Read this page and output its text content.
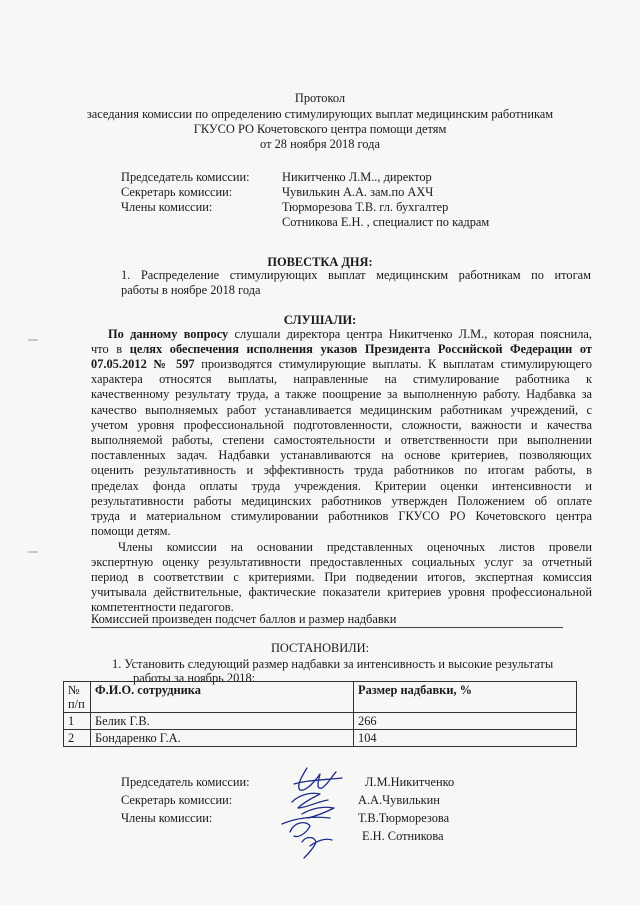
Протокол
заседания комиссии по определению стимулирующих выплат медицинским работникам
ГКУСО РО Кочетовского центра помощи детям
от 28 ноября 2018 года
Председатель комиссии:	Никитченко Л.М.., директор
Секретарь комиссии:	Чувилькин А.А. зам.по АХЧ
Члены комиссии:	Тюрморезова Т.В. гл. бухгалтер
Сотникова Е.Н. , специалист по кадрам
ПОВЕСТКА ДНЯ:
1. Распределение стимулирующих выплат медицинским работникам по итогам
работы в ноябре 2018 года
СЛУШАЛИ:
По данному вопросу слушали директора центра Никитченко Л.М., которая пояснила,
что в целях обеспечения исполнения указов Президента Российской Федерации от
07.05.2012 № 597 производятся стимулирующие выплаты. К выплатам стимулирующего
характера относятся выплаты, направленные на стимулирование работника к
качественному результату труда, а также поощрение за выполненную работу. Надбавка за
качество выполняемых работ устанавливается медицинским работникам учреждений, с
учетом уровня профессиональной подготовленности, сложности, важности и качества
выполняемой работы, степени самостоятельности и ответственности при выполнении
поставленных задач. Надбавки устанавливаются на основе критериев, позволяющих
оценить результативность и эффективность труда работников по итогам работы, в
пределах фонда оплаты труда учреждения. Критерии оценки интенсивности и
результативности работы медицинских работников утвержден Положением об оплате
труда и материальном стимулировании работников ГКУСО РО Кочетовского центра
помощи детям.
Члены комиссии на основании представленных оценочных листов провели
экспертную оценку результативности предоставленных социальных услуг за отчетный
период в соответствии с критериями. При подведении итогов, экспертная комиссия
учитывала действительные, фактические показатели критериев уровня профессиональной
компетентности педагогов.
Комиссией произведен подсчет баллов и размер надбавки
ПОСТАНОВИЛИ:
1. Установить следующий размер надбавки за интенсивность и высокие результаты
работы за ноябрь 2018:
№ п/п	Ф.И.О. сотрудника	Размер надбавки, %
1	Белик Г.В.	266
2	Бондаренко Г.А.	104
Председатель комиссии:	Л.М.Никитченко
Секретарь комиссии:	А.А.Чувилькин
Члены комиссии:	Т.В.Тюрморезова
Е.Н. Сотникова
